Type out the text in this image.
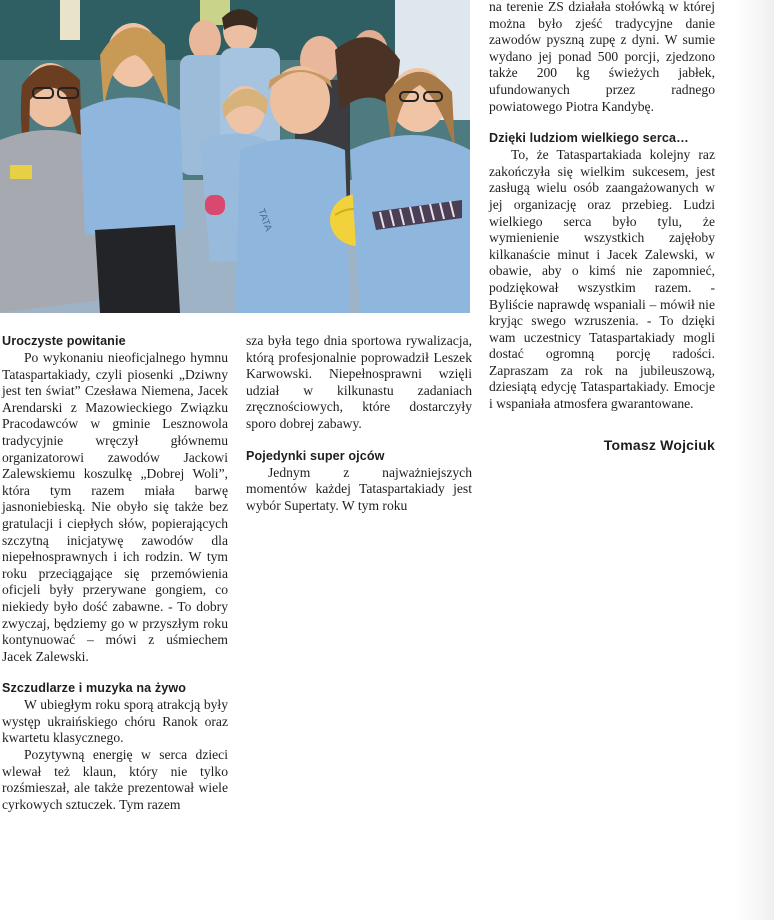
TATA
Uroczyste powitanie

Po wykonaniu nieoficjalnego hymnu Tataspartakiady, czyli piosenki „Dziwny jest ten świat” Czesława Niemena, Jacek Arendarski z Mazowieckiego Związku Pracodawców w gminie Lesznowola tradycyjnie wręczył głównemu organizatorowi zawodów Jackowi Zalewskiemu koszulkę „Dobrej Woli”, która tym razem miała barwę jasnoniebieską. Nie obyło się także bez gratulacji i ciepłych słów, popierających szczytną inicjatywę zawodów dla niepełnosprawnych i ich rodzin. W tym roku przeciągające się przemówienia oficjeli były przerywane gongiem, co niekiedy było dość zabawne. - To dobry zwyczaj, będziemy go w przyszłym roku kontynuować – mówi z uśmiechem Jacek Zalewski.

Szczudlarze i muzyka na żywo

W ubiegłym roku sporą atrakcją były występ ukraińskiego chóru Ranok oraz kwartetu klasycznego.

Pozytywną energię w serca dzieci wlewał też klaun, który nie tylko rozśmieszał, ale także prezentował wiele cyrkowych sztuczek. Tym razem

sza była tego dnia sportowa rywalizacja, którą profesjonalnie poprowadził Leszek Karwowski. Niepełnosprawni wzięli udział w kilkunastu zadaniach zręcznościowych, które dostarczyły sporo dobrej zabawy.

Pojedynki super ojców

Jednym z najważniejszych momentów każdej Tataspartakiady jest wybór Supertaty. W tym roku

na terenie ZS działała stołówką w której można było zjeść tradycyjne danie zawodów pyszną zupę z dyni. W sumie wydano jej ponad 500 porcji, zjedzono także 200 kg świeżych jabłek, ufundowanych przez radnego powiatowego Piotra Kandybę.

Dzięki ludziom wielkiego serca…

To, że Tataspartakiada kolejny raz zakończyła się wielkim sukcesem, jest zasługą wielu osób zaangażowanych w jej organizację oraz przebieg. Ludzi wielkiego serca było tylu, że wymienienie wszystkich zajęłoby kilkanaście minut i Jacek Zalewski, w obawie, aby o kimś nie zapomnieć, podziękował wszystkim razem. - Byliście naprawdę wspaniali – mówił nie kryjąc swego wzruszenia. - To dzięki wam uczestnicy Tataspartakiady mogli dostać ogromną porcję radości. Zapraszam za rok na jubileuszową, dziesiątą edycję Tataspartakiady. Emocje i wspaniała atmosfera gwarantowane.

Tomasz Wojciuk
